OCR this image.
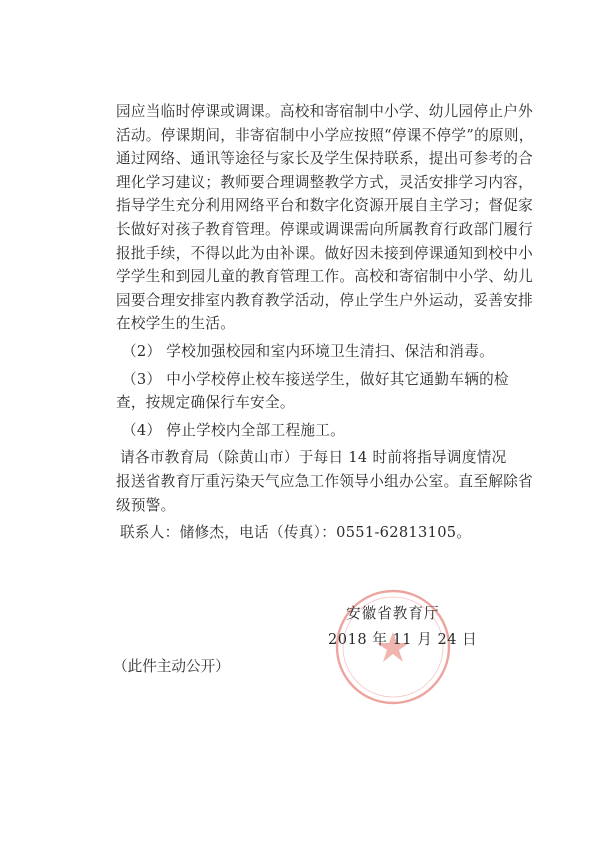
园应当临时停课或调课。高校和寄宿制中小学、幼儿园停止户外
活动。停课期间，非寄宿制中小学应按照“停课不停学”的原则，
通过网络、通讯等途径与家长及学生保持联系，提出可参考的合
理化学习建议；教师要合理调整教学方式，灵活安排学习内容，
指导学生充分利用网络平台和数字化资源开展自主学习；督促家
长做好对孩子教育管理。停课或调课需向所属教育行政部门履行
报批手续，不得以此为由补课。做好因未接到停课通知到校中小
学学生和到园儿童的教育管理工作。高校和寄宿制中小学、幼儿
园要合理安排室内教育教学活动，停止学生户外运动，妥善安排
在校学生的生活。
（2） 学校加强校园和室内环境卫生清扫、保洁和消毒。
（3） 中小学校停止校车接送学生，做好其它通勤车辆的检
查，按规定确保行车安全。
（4） 停止学校内全部工程施工。
请各市教育局（除黄山市）于每日 14 时前将指导调度情况
报送省教育厅重污染天气应急工作领导小组办公室。直至解除省
级预警。
联系人：储修杰，电话（传真）：0551-62813105。
安徽省教育厅
2018 年 11 月 24 日
（此件主动公开）
